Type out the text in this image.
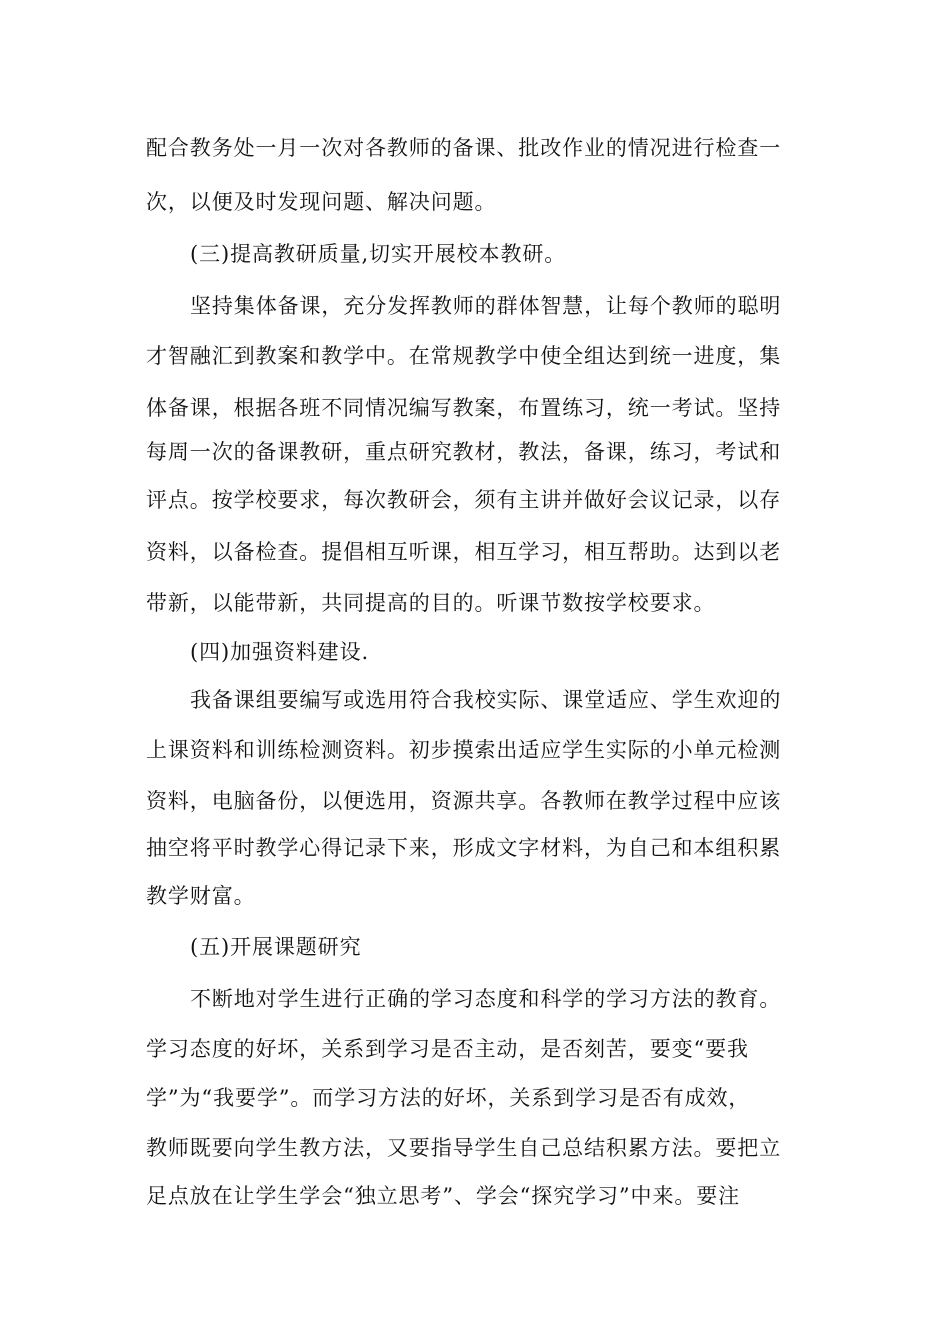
配合教务处一月一次对各教师的备课、批改作业的情况进行检查一
次，以便及时发现问题、解决问题。
(三)提高教研质量,切实开展校本教研。
坚持集体备课，充分发挥教师的群体智慧，让每个教师的聪明
才智融汇到教案和教学中。在常规教学中使全组达到统一进度，集
体备课，根据各班不同情况编写教案，布置练习，统一考试。坚持
每周一次的备课教研，重点研究教材，教法，备课，练习，考试和
评点。按学校要求，每次教研会，须有主讲并做好会议记录，以存
资料，以备检查。提倡相互听课，相互学习，相互帮助。达到以老
带新，以能带新，共同提高的目的。听课节数按学校要求。
(四)加强资料建设.
我备课组要编写或选用符合我校实际、课堂适应、学生欢迎的
上课资料和训练检测资料。初步摸索出适应学生实际的小单元检测
资料，电脑备份，以便选用，资源共享。各教师在教学过程中应该
抽空将平时教学心得记录下来，形成文字材料，为自己和本组积累
教学财富。
(五)开展课题研究
不断地对学生进行正确的学习态度和科学的学习方法的教育。
学习态度的好坏，关系到学习是否主动，是否刻苦，要变“要我
学”为“我要学”。而学习方法的好坏，关系到学习是否有成效，
教师既要向学生教方法，又要指导学生自己总结积累方法。要把立
足点放在让学生学会“独立思考”、学会“探究学习”中来。要注
